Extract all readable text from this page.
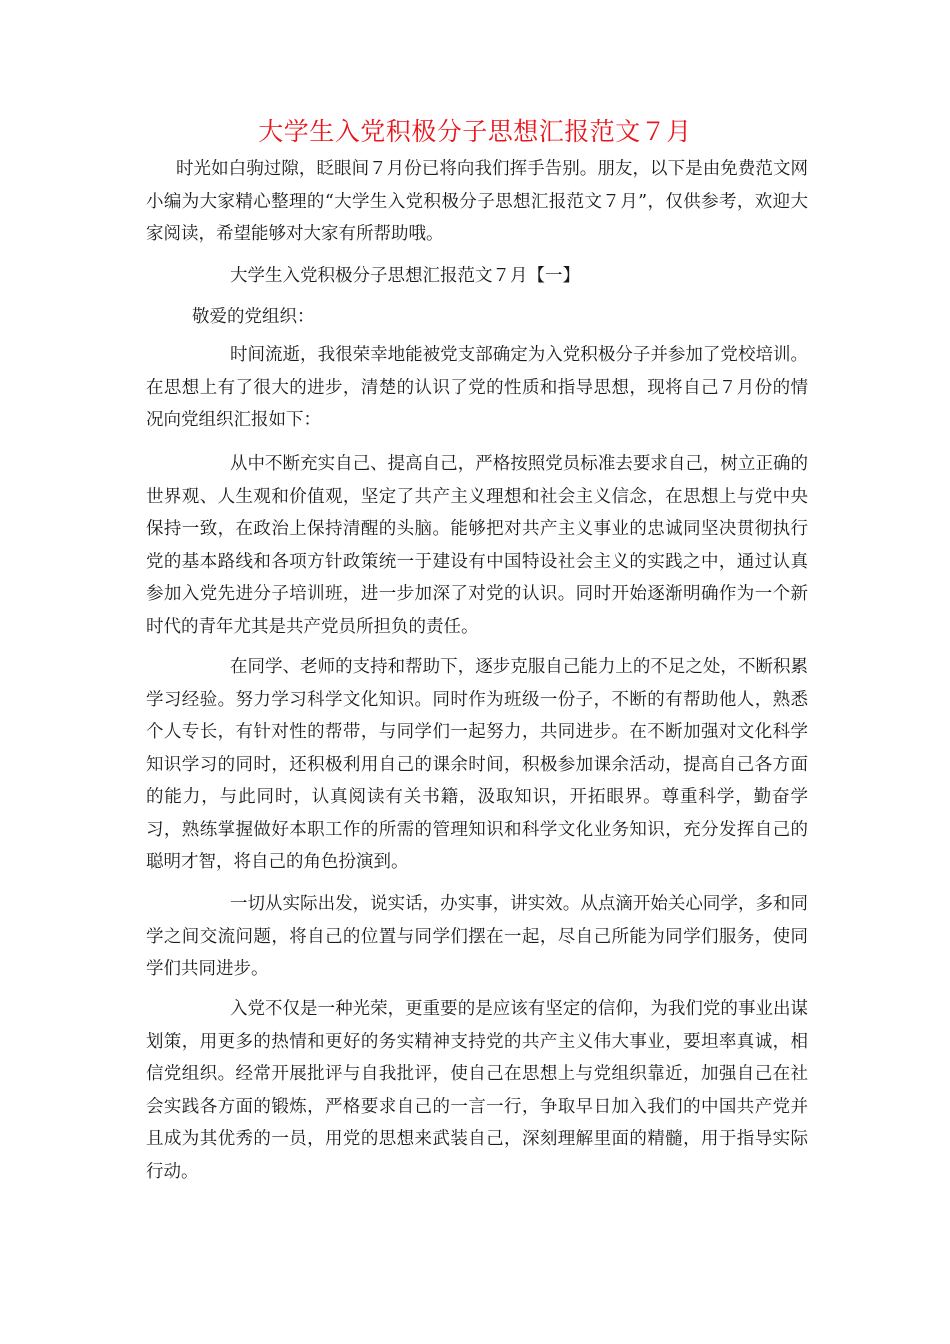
大学生入党积极分子思想汇报范文７月

时光如白驹过隙，眨眼间７月份已将向我们挥手告别。朋友，以下是由免费范文网小编为大家精心整理的“大学生入党积极分子思想汇报范文７月”，仅供参考，欢迎大家阅读，希望能够对大家有所帮助哦。

大学生入党积极分子思想汇报范文７月【一】
敬爱的党组织：

时间流逝，我很荣幸地能被党支部确定为入党积极分子并参加了党校培训。在思想上有了很大的进步，清楚的认识了党的性质和指导思想，现将自己７月份的情况向党组织汇报如下：

从中不断充实自己、提高自己，严格按照党员标准去要求自己，树立正确的世界观、人生观和价值观，坚定了共产主义理想和社会主义信念，在思想上与党中央保持一致，在政治上保持清醒的头脑。能够把对共产主义事业的忠诚同坚决贯彻执行党的基本路线和各项方针政策统一于建设有中国特设社会主义的实践之中，通过认真参加入党先进分子培训班，进一步加深了对党的认识。同时开始逐渐明确作为一个新时代的青年尤其是共产党员所担负的责任。

在同学、老师的支持和帮助下，逐步克服自己能力上的不足之处，不断积累学习经验。努力学习科学文化知识。同时作为班级一份子，不断的有帮助他人，熟悉个人专长，有针对性的帮带，与同学们一起努力，共同进步。在不断加强对文化科学知识学习的同时，还积极利用自己的课余时间，积极参加课余活动，提高自己各方面的能力，与此同时，认真阅读有关书籍，汲取知识，开拓眼界。尊重科学，勤奋学习，熟练掌握做好本职工作的所需的管理知识和科学文化业务知识，充分发挥自己的聪明才智，将自己的角色扮演到。

一切从实际出发，说实话，办实事，讲实效。从点滴开始关心同学，多和同学之间交流问题，将自己的位置与同学们摆在一起，尽自己所能为同学们服务，使同学们共同进步。

入党不仅是一种光荣，更重要的是应该有坚定的信仰，为我们党的事业出谋划策，用更多的热情和更好的务实精神支持党的共产主义伟大事业，要坦率真诚，相信党组织。经常开展批评与自我批评，使自己在思想上与党组织靠近，加强自己在社会实践各方面的锻炼，严格要求自己的一言一行，争取早日加入我们的中国共产党并且成为其优秀的一员，用党的思想来武装自己，深刻理解里面的精髓，用于指导实际行动。
